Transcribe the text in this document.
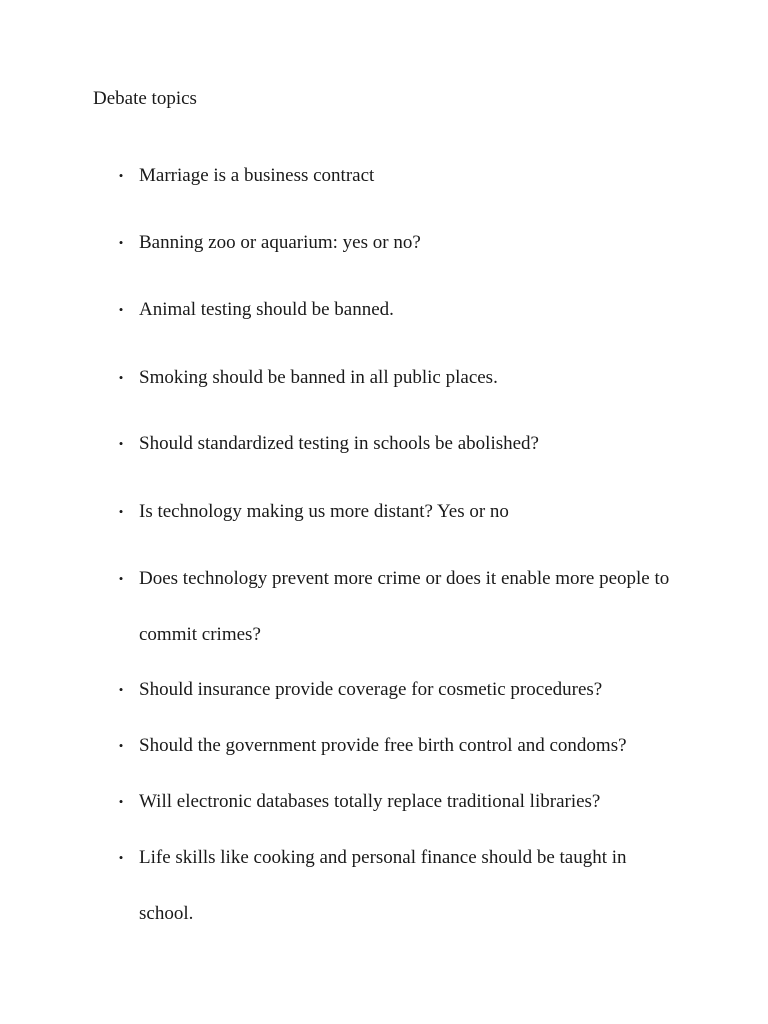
Debate topics
• Marriage is a business contract
• Banning zoo or aquarium: yes or no?
• Animal testing should be banned.
• Smoking should be banned in all public places.
• Should standardized testing in schools be abolished?
• Is technology making us more distant? Yes or no
• Does technology prevent more crime or does it enable more people to commit crimes?
• Should insurance provide coverage for cosmetic procedures?
• Should the government provide free birth control and condoms?
• Will electronic databases totally replace traditional libraries?
• Life skills like cooking and personal finance should be taught in school.
